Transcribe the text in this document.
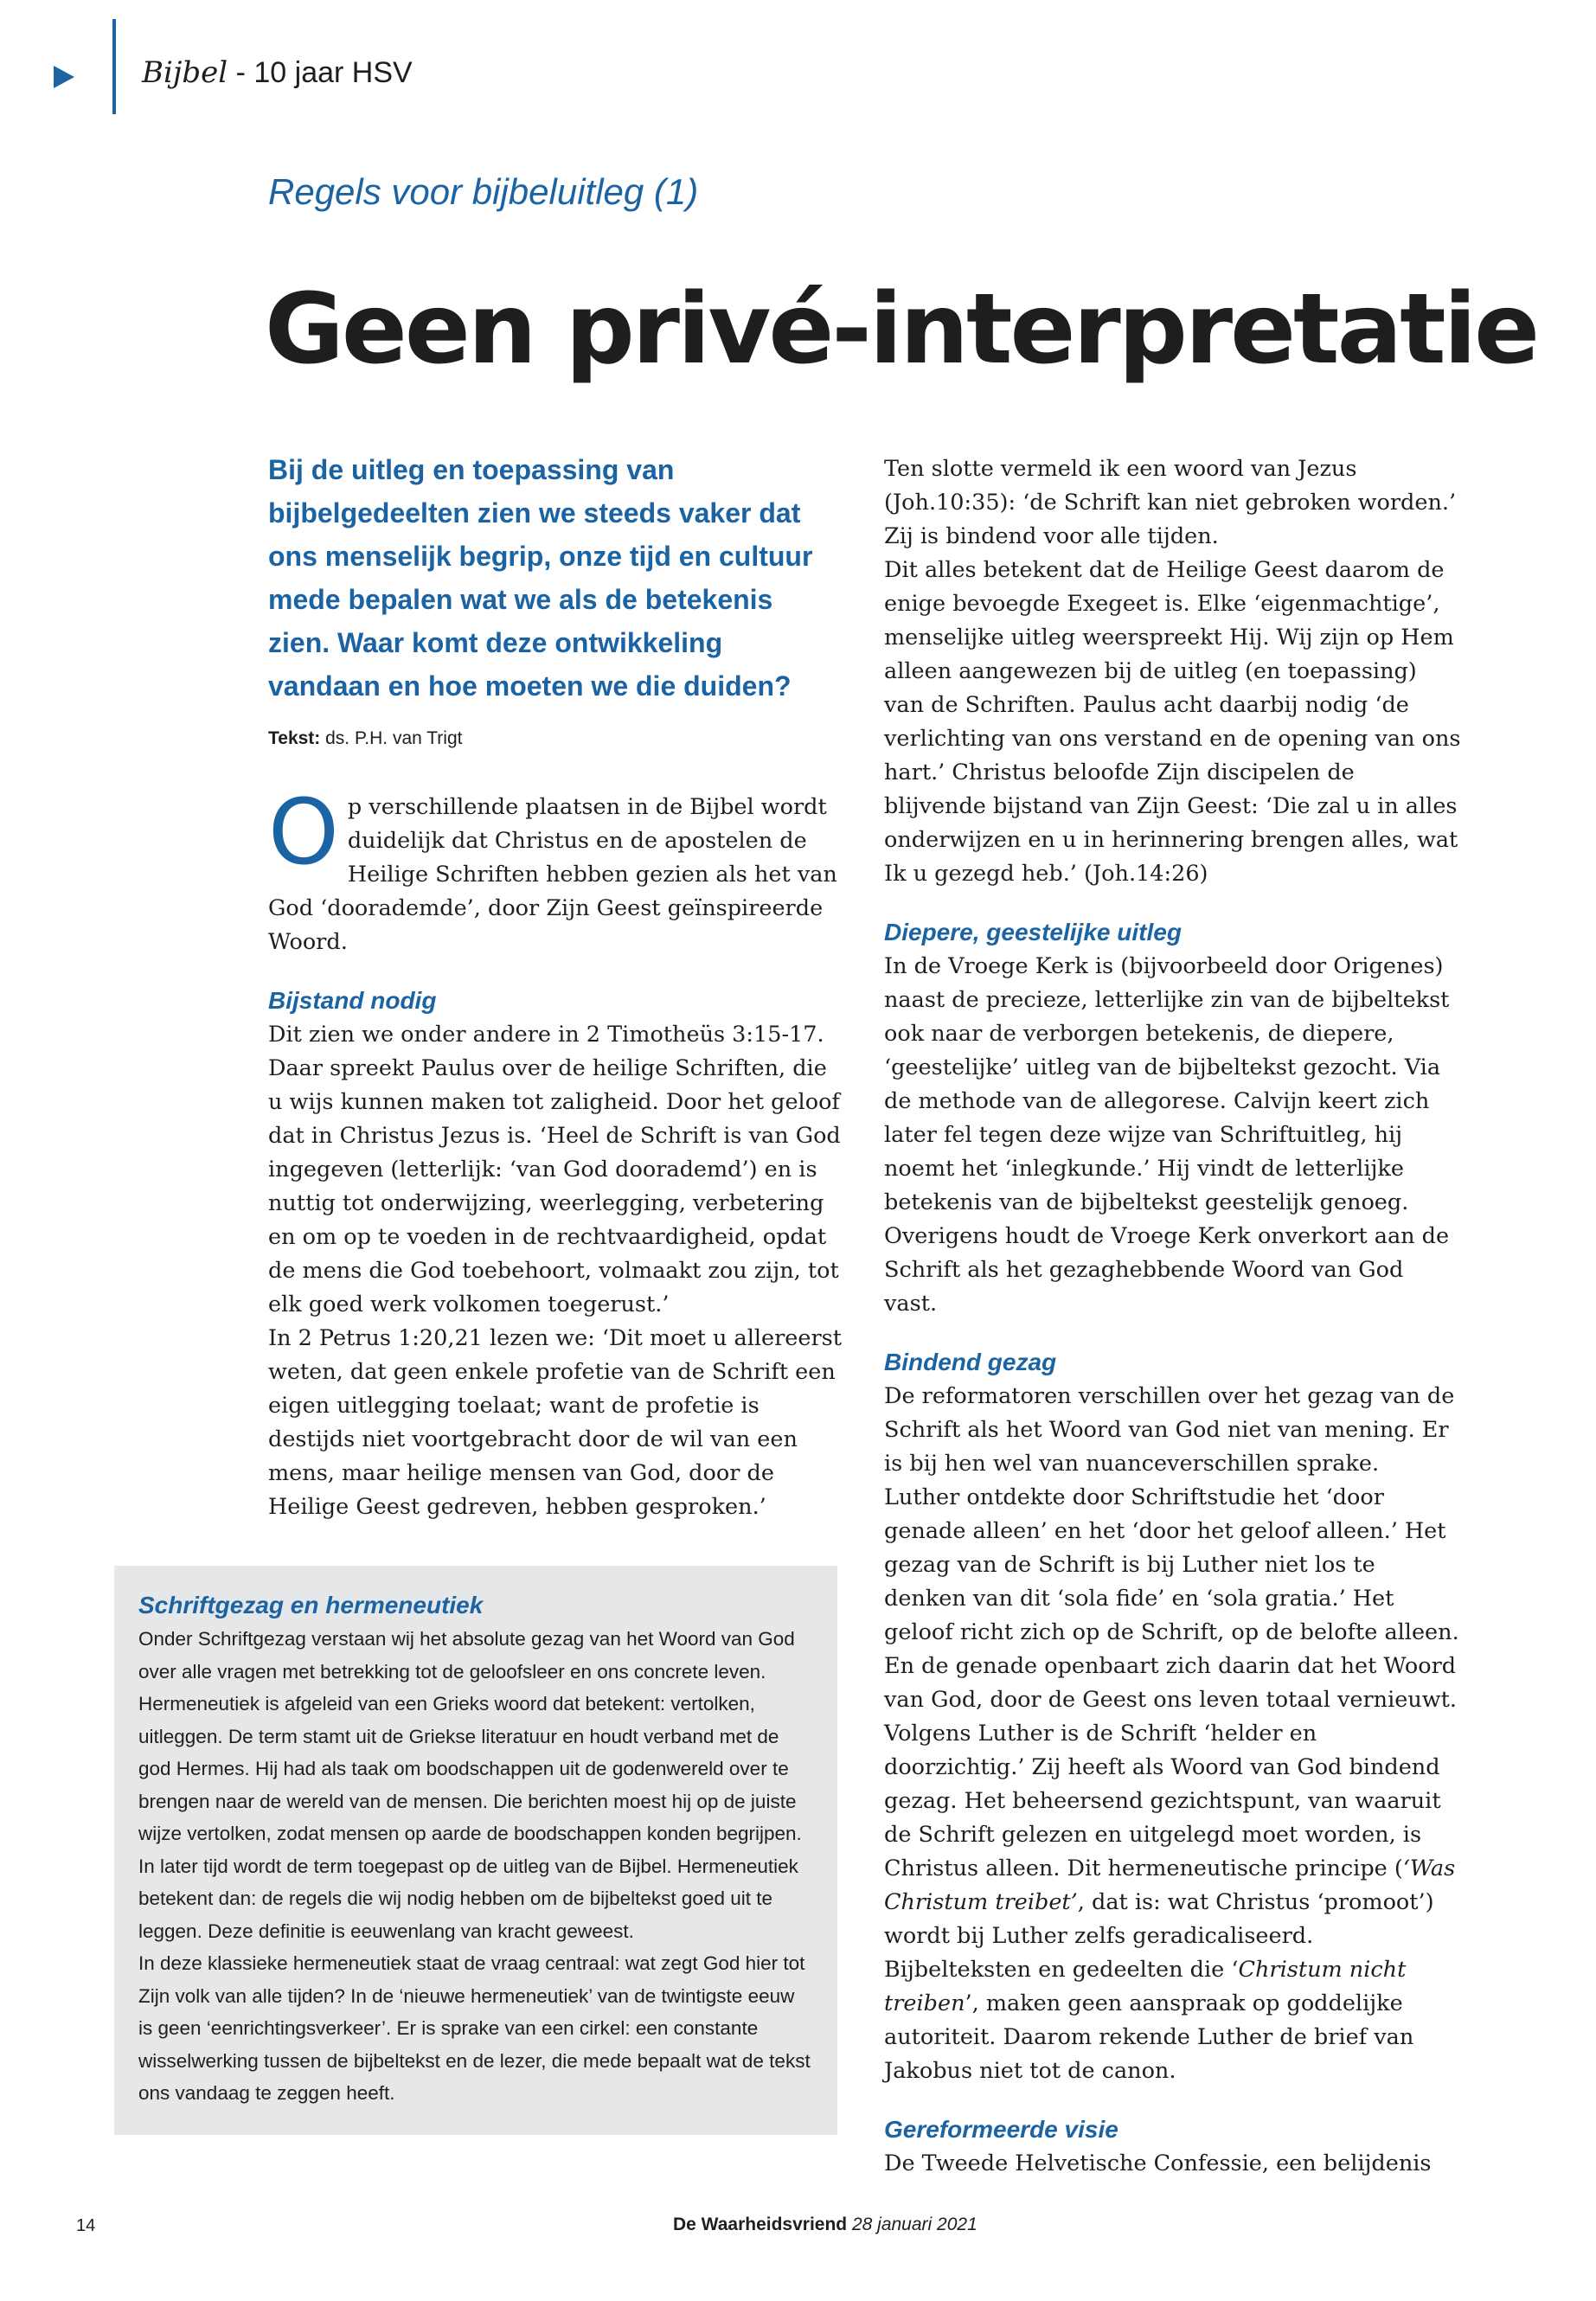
Bijbel - 10 jaar HSV
Regels voor bijbeluitleg (1)
Geen privé-interpretatie

Bij de uitleg en toepassing van bijbelgedeelten zien we steeds vaker dat ons menselijk begrip, onze tijd en cultuur mede bepalen wat we als de betekenis zien. Waar komt deze ontwikkeling vandaan en hoe moeten we die duiden?

Tekst: ds. P.H. van Trigt

Op verschillende plaatsen in de Bijbel wordt duidelijk dat Christus en de apostelen de Heilige Schriften hebben gezien als het van God ‘doorademde’, door Zijn Geest geïnspireerde Woord.

Bijstand nodig

Dit zien we onder andere in 2 Timotheüs 3:15-17. Daar spreekt Paulus over de heilige Schriften, die u wijs kunnen maken tot zaligheid. Door het geloof dat in Christus Jezus is. ‘Heel de Schrift is van God ingegeven (letterlijk: ‘van God doorademd’) en is nuttig tot onderwijzing, weerlegging, verbetering en om op te voeden in de rechtvaardigheid, opdat de mens die God toebehoort, volmaakt zou zijn, tot elk goed werk volkomen toegerust.’

In 2 Petrus 1:20,21 lezen we: ‘Dit moet u allereerst weten, dat geen enkele profetie van de Schrift een eigen uitlegging toelaat; want de profetie is destijds niet voortgebracht door de wil van een mens, maar heilige mensen van God, door de Heilige Geest gedreven, hebben gesproken.’

Ten slotte vermeld ik een woord van Jezus (Joh.10:35): ‘de Schrift kan niet gebroken worden.’ Zij is bindend voor alle tijden.

Dit alles betekent dat de Heilige Geest daarom de enige bevoegde Exegeet is. Elke ‘eigenmachtige’, menselijke uitleg weerspreekt Hij. Wij zijn op Hem alleen aangewezen bij de uitleg (en toepassing) van de Schriften. Paulus acht daarbij nodig ‘de verlichting van ons verstand en de opening van ons hart.’ Christus beloofde Zijn discipelen de blijvende bijstand van Zijn Geest: ‘Die zal u in alles onderwijzen en u in herinnering brengen alles, wat Ik u gezegd heb.’ (Joh.14:26)

Diepere, geestelijke uitleg

In de Vroege Kerk is (bijvoorbeeld door Origenes) naast de precieze, letterlijke zin van de bijbeltekst ook naar de verborgen betekenis, de diepere, ‘geestelijke’ uitleg van de bijbeltekst gezocht. Via de methode van de allegorese. Calvijn keert zich later fel tegen deze wijze van Schriftuitleg, hij noemt het ‘inlegkunde.’ Hij vindt de letterlijke betekenis van de bijbeltekst geestelijk genoeg.

Overigens houdt de Vroege Kerk onverkort aan de Schrift als het gezaghebbende Woord van God vast.

Bindend gezag

De reformatoren verschillen over het gezag van de Schrift als het Woord van God niet van mening. Er is bij hen wel van nuanceverschillen sprake.

Luther ontdekte door Schriftstudie het ‘door genade alleen’ en het ‘door het geloof alleen.’ Het gezag van de Schrift is bij Luther niet los te denken van dit ‘sola fide’ en ‘sola gratia.’ Het geloof richt zich op de Schrift, op de belofte alleen. En de genade openbaart zich daarin dat het Woord van God, door de Geest ons leven totaal vernieuwt.

Volgens Luther is de Schrift ‘helder en doorzichtig.’ Zij heeft als Woord van God bindend gezag. Het beheersend gezichtspunt, van waaruit de Schrift gelezen en uitgelegd moet worden, is Christus alleen. Dit hermeneutische principe (‘Was Christum treibet’, dat is: wat Christus ‘promoot’) wordt bij Luther zelfs geradicaliseerd. Bijbelteksten en gedeelten die ‘Christum nicht treiben’, maken geen aanspraak op goddelijke autoriteit. Daarom rekende Luther de brief van Jakobus niet tot de canon.

Gereformeerde visie

De Tweede Helvetische Confessie, een belijdenis

Schriftgezag en hermeneutiek

Onder Schriftgezag verstaan wij het absolute gezag van het Woord van God over alle vragen met betrekking tot de geloofsleer en ons concrete leven. Hermeneutiek is afgeleid van een Grieks woord dat betekent: vertolken, uitleggen. De term stamt uit de Griekse literatuur en houdt verband met de god Hermes. Hij had als taak om boodschappen uit de godenwereld over te brengen naar de wereld van de mensen. Die berichten moest hij op de juiste wijze vertolken, zodat mensen op aarde de boodschappen konden begrijpen.

In later tijd wordt de term toegepast op de uitleg van de Bijbel. Hermeneutiek betekent dan: de regels die wij nodig hebben om de bijbeltekst goed uit te leggen. Deze definitie is eeuwenlang van kracht geweest.

In deze klassieke hermeneutiek staat de vraag centraal: wat zegt God hier tot Zijn volk van alle tijden? In de ‘nieuwe hermeneutiek’ van de twintigste eeuw is geen ‘eenrichtingsverkeer’. Er is sprake van een cirkel: een constante wisselwerking tussen de bijbeltekst en de lezer, die mede bepaalt wat de tekst ons vandaag te zeggen heeft.

14	De Waarheidsvriend 28 januari 2021
